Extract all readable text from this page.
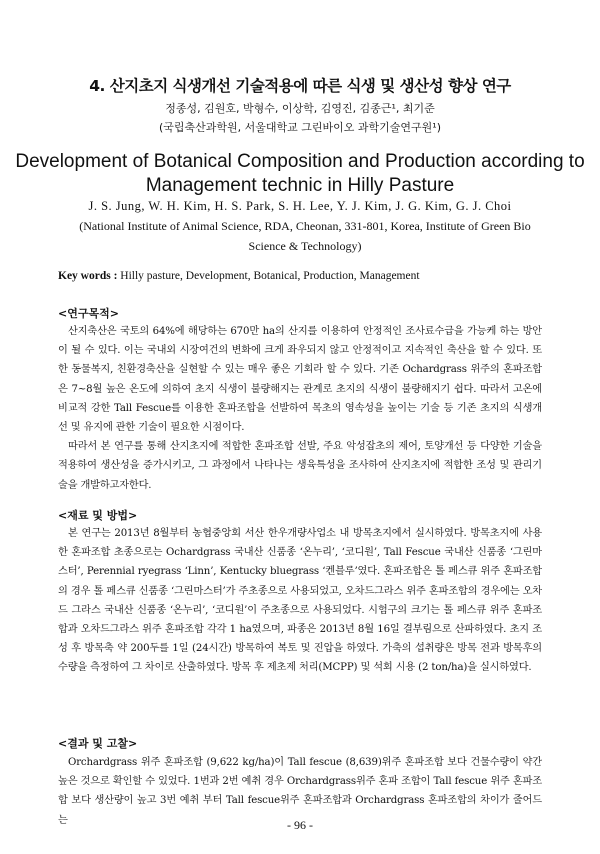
4. 산지초지 식생개선 기술적용에 따른 식생 및 생산성 향상 연구
정종성, 김원호, 박형수, 이상학, 김영진, 김종근¹, 최기준
(국립축산과학원, 서울대학교 그린바이오 과학기술연구원¹)
Development of Botanical Composition and Production according to
Management technic in Hilly Pasture
J. S. Jung, W. H. Kim, H. S. Park, S. H. Lee, Y. J. Kim, J. G. Kim, G. J. Choi
(National Institute of Animal Science, RDA, Cheonan, 331-801, Korea, Institute of Green Bio Science & Technology)
Key words : Hilly pasture, Development, Botanical, Production, Management
<연구목적>

산지축산은 국토의 64%에 해당하는 670만 ha의 산지를 이용하여 안정적인 조사료수급을 가능케 하는 방안이 될 수 있다. 이는 국내외 시장여건의 변화에 크게 좌우되지 않고 안정적이고 지속적인 축산을 할 수 있다. 또한 동물복지, 친환경축산을 실현할 수 있는 매우 좋은 기회라 할 수 있다. 기존 Ochardgrass 위주의 혼파조합은 7~8월 높은 온도에 의하여 초지 식생이 불량해지는 관계로 초지의 식생이 불량해지기 쉽다. 따라서 고온에 비교적 강한 Tall Fescue를 이용한 혼파조합을 선발하여 목초의 영속성을 높이는 기술 등 기존 초지의 식생개선 및 유지에 관한 기술이 필요한 시점이다.

따라서 본 연구를 통해 산지초지에 적합한 혼파조합 선발, 주요 악성잡초의 제어, 토양개선 등 다양한 기술을 적용하여 생산성을 증가시키고, 그 과정에서 나타나는 생육특성을 조사하여 산지초지에 적합한 조성 및 관리기술을 개발하고자한다.

<재료 및 방법>

본 연구는 2013년 8월부터 농협중앙회 서산 한우개량사업소 내 방목초지에서 실시하였다. 방목초지에 사용한 혼파조합 초종으로는 Ochardgrass 국내산 신품종 ‘온누리’, ‘코디원’, Tall Fescue 국내산 신품종 ‘그린마스터’, Perennial ryegrass ‘Linn’, Kentucky bluegrass ‘켄블루’였다. 혼파조합은 톨 페스큐 위주 혼파조합의 경우 톨 페스큐 신품종 ‘그린마스터’가 주초종으로 사용되었고, 오차드그라스 위주 혼파조합의 경우에는 오차드 그라스 국내산 신품종 ‘온누리’, ‘코디원’이 주초종으로 사용되었다. 시험구의 크기는 톨 페스큐 위주 혼파조합과 오차드그라스 위주 혼파조합 각각 1 ha였으며, 파종은 2013년 8월 16일 결부림으로 산파하였다. 초지 조성 후 방목축 약 200두를 1일 (24시간) 방목하여 복토 및 진압을 하였다. 가축의 섭취량은 방목 전과 방목후의 수량을 측정하여 그 차이로 산출하였다. 방목 후 제초제 처리(MCPP) 및 석회 시용 (2 ton/ha)을 실시하였다.

<결과 및 고찰>

Orchardgrass 위주 혼파조합 (9,622 kg/ha)이 Tall fescue (8,639)위주 혼파조합 보다 건물수량이 약간 높은 것으로 확인할 수 있었다. 1번과 2번 예취 경우 Orchardgrass위주 혼파 조합이 Tall fescue 위주 혼파조합 보다 생산량이 높고 3번 예취 부터 Tall fescue위주 혼파조합과 Orchardgrass 혼파조합의 차이가 줄어드는	- 96 -
